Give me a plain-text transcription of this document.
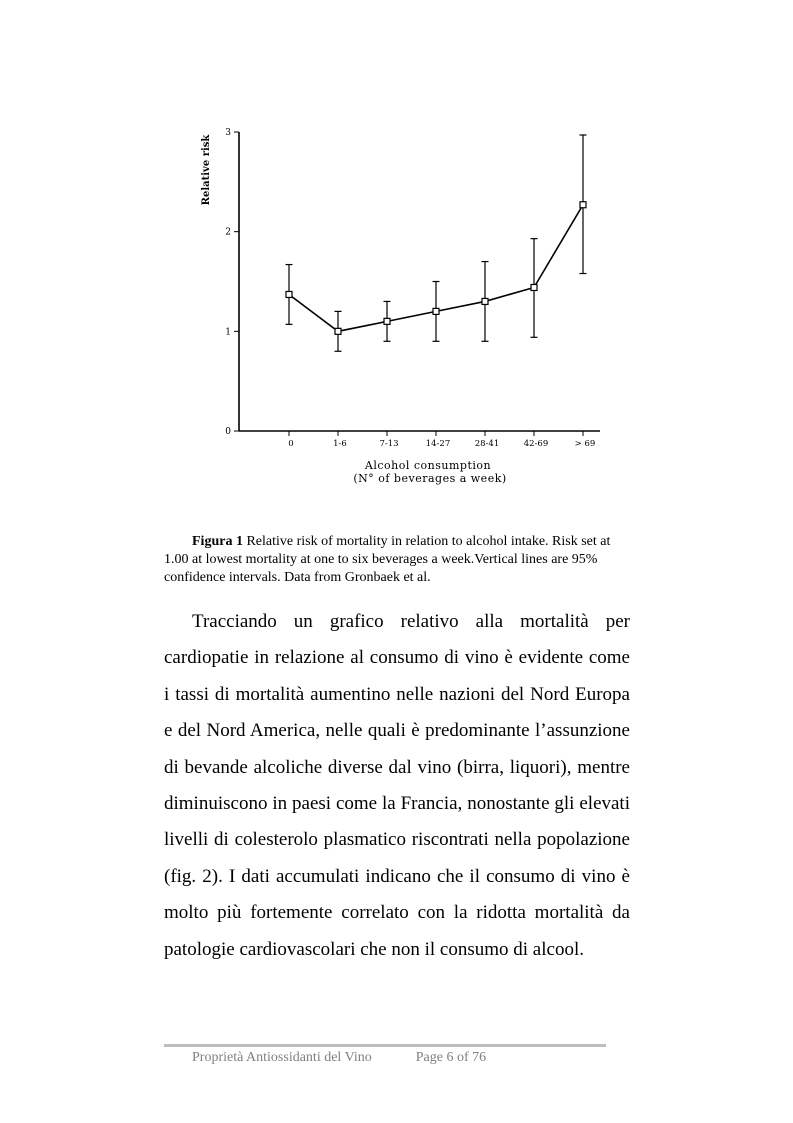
0
1
2
3
0	1-6	7-13	14-27	28-41	42-69	> 69
Relative risk
Alcohol consumption
(N° of beverages a week)
Figura 1 Relative risk of mortality in relation to alcohol intake. Risk set at 1.00 at lowest mortality at one to six beverages a week.Vertical lines are 95% confidence intervals. Data from Gronbaek et al.
Tracciando un grafico relativo alla mortalità per cardiopatie in relazione al consumo di vino è evidente come i tassi di mortalità aumentino nelle nazioni del Nord Europa e del Nord America, nelle quali è predominante l’assunzione di bevande alcoliche diverse dal vino (birra, liquori), mentre diminuiscono in paesi come la Francia, nonostante gli elevati livelli di colesterolo plasmatico riscontrati nella popolazione (fig. 2). I dati accumulati indicano che il consumo di vino è molto più fortemente correlato con la ridotta mortalità da patologie cardiovascolari che non il consumo di alcool.
Proprietà Antiossidanti del Vino	Page 6 of 76
